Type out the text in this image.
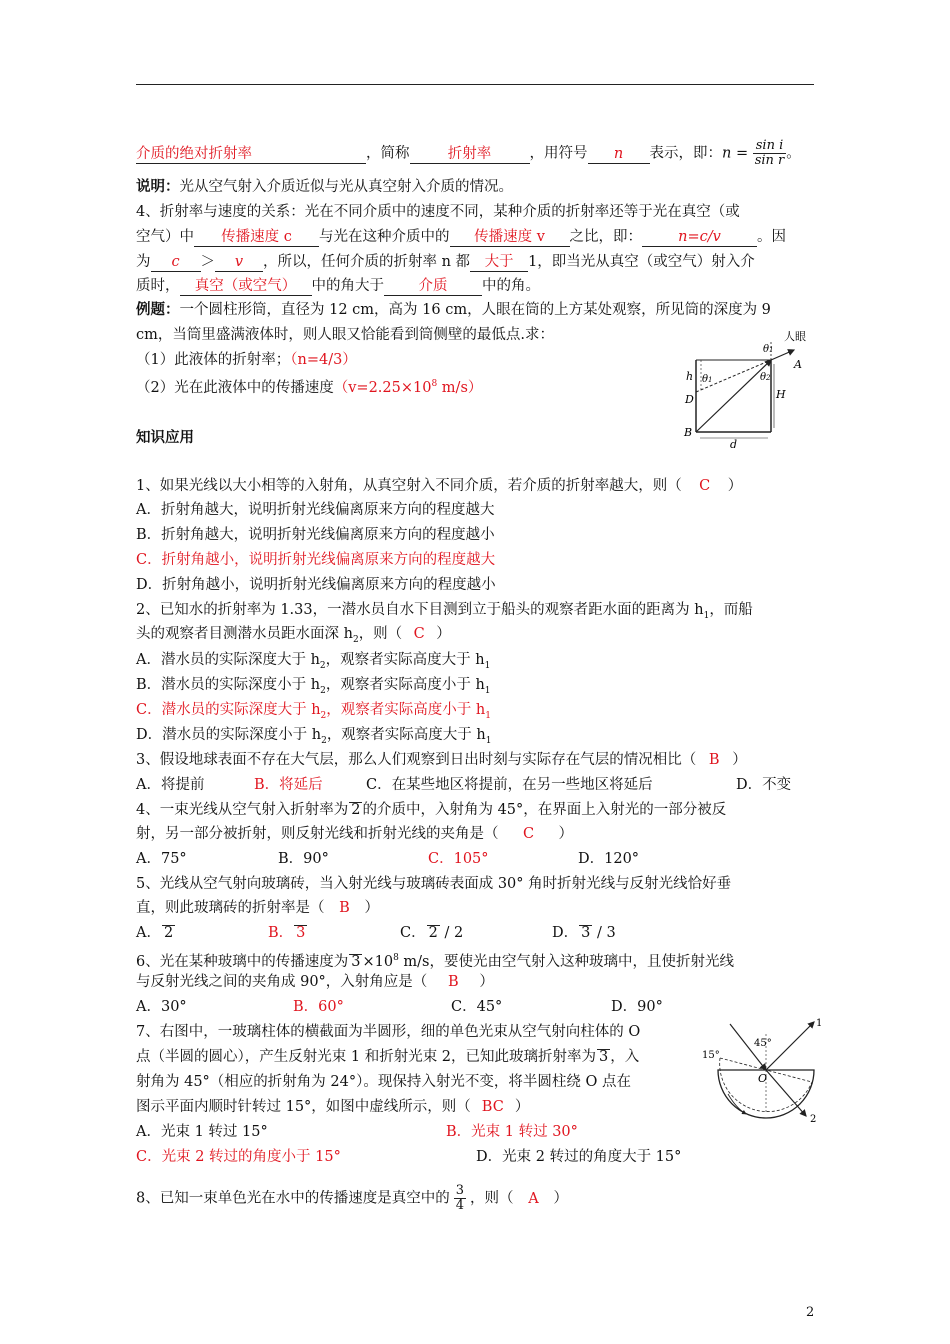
介质的绝对折射率	，简称	折射率	，用符号 n 表示，即：$n = \frac{\text{sin i}}{\text{sin r}}$ 。
说明：光从空气射入介质近似与光从真空射入介质的情况。
4、折射率与速度的关系：光在不同介质中的速度不同，某种介质的折射率还等于光在真空（或
空气）中 传播速度 c 与光在这种介质中的 传播速度 v 之比，即： n=c/v 。因
为 c ＞ v ，所以，任何介质的折射率 n 都 大于 1，即当光从真空（或空气）射入介
质时， 真空（或空气） 中的角大于 介质 中的角。
例题：一个圆柱形筒，直径为 12 cm，高为 16 cm，人眼在筒的上方某处观察，所见筒的深度为 9
cm，当筒里盛满液体时，则人眼又恰能看到筒侧壁的最低点.求：
（1）此液体的折射率；（n=4/3）
（2）光在此液体中的传播速度（$v=2.25\times 10^8$ m/s）
人眼
θ1
θ1	θ2
h
A
D
B
H
d
知识应用
1、如果光线以大小相等的入射角，从真空射入不同介质，若介质的折射率越大，则（ C ）
A．折射角越大，说明折射光线偏离原来方向的程度越大
B．折射角越大，说明折射光线偏离原来方向的程度越小
C．折射角越小，说明折射光线偏离原来方向的程度越大
D．折射角越小，说明折射光线偏离原来方向的程度越小
2、已知水的折射率为 1.33，一潜水员自水下目测到立于船头的观察者距水面的距离为 $h_1$，而船
头的观察者目测潜水员距水面深 $h_2$，则（ C ）
A．潜水员的实际深度大于 $h_2$，观察者实际高度大于 $h_1$
B．潜水员的实际深度小于 $h_2$，观察者实际高度小于 $h_1$
C．潜水员的实际深度大于 $h_2$，观察者实际高度小于 $h_1$
D．潜水员的实际深度小于 $h_2$，观察者实际高度大于 $h_1$
3、假设地球表面不存在大气层，那么人们观察到日出时刻与实际存在气层的情况相比（ B ）
A．将提前	B．将延后	C．在某些地区将提前，在另一些地区将延后	D．不变
4、一束光线从空气射入折射率为 2 的介质中，入射角为 45°，在界面上入射光的一部分被反
射，另一部分被折射，则反射光线和折射光线的夹角是（ C ）
A．75°	B．90°	C．105°	D．120°
5、光线从空气射向玻璃砖，当入射光线与玻璃砖表面成 30° 角时折射光线与反射光线恰好垂
直，则此玻璃砖的折射率是（ B ）
A． 2	B． 3	C． 2 / 2	D． 3 / 3
6、光在某种玻璃中的传播速度为 $3 \times 10^8$ m/s，要使光由空气射入这种玻璃中，且使折射光线
与反射光线之间的夹角成 90°，入射角应是（ B ）
A．30°	B．60°	C．45°	D．90°
7、右图中，一玻璃柱体的横截面为半圆形，细的单色光束从空气射向柱体的 O
点（半圆的圆心），产生反射光束 1 和折射光束 2，已知此玻璃折射率为 3 ，入
射角为 45°（相应的折射角为 24°）。现保持入射光不变，将半圆柱绕 O 点在
图示平面内顺时针转过 15°，如图中虚线所示，则（ BC ）
A．光束 1 转过 15°	B．光束 1 转过 30°
C．光束 2 转过的角度小于 15°	D．光束 2 转过的角度大于 15°
45°
15°
O
1
2
8、已知一束单色光在水中的传播速度是真空中的 $\frac{3}{4}$ ，则（ A ）
2
